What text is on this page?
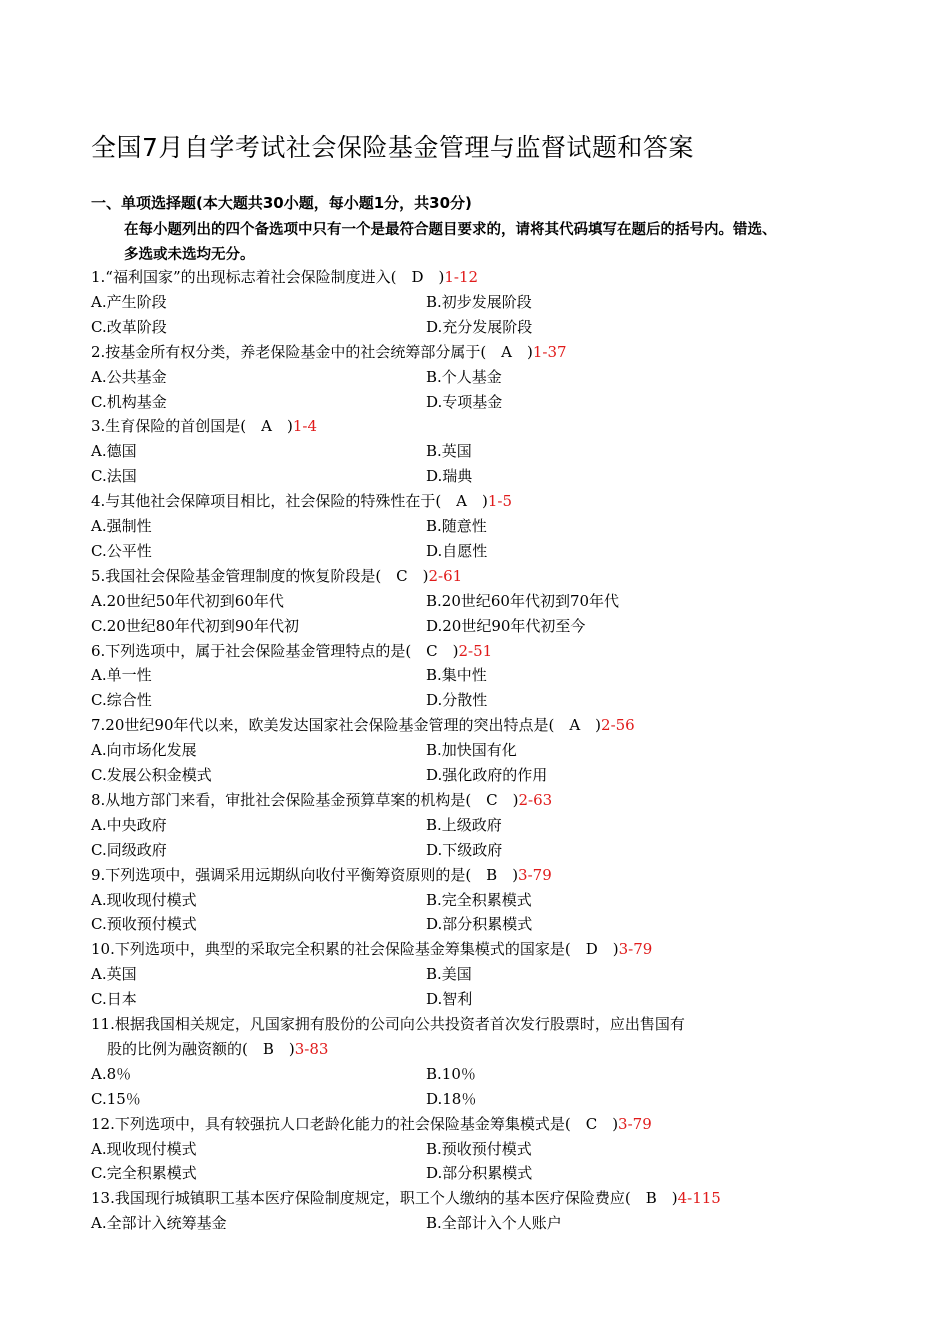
全国7月自学考试社会保险基金管理与监督试题和答案
一、单项选择题(本大题共30小题，每小题1分，共30分)
在每小题列出的四个备选项中只有一个是最符合题目要求的，请将其代码填写在题后的括号内。错选、
多选或未选均无分。
1.“福利国家”的出现标志着社会保险制度进入(　D　)1-12
A.产生阶段	B.初步发展阶段
C.改革阶段	D.充分发展阶段
2.按基金所有权分类，养老保险基金中的社会统筹部分属于(　A　)1-37
A.公共基金	B.个人基金
C.机构基金	D.专项基金
3.生育保险的首创国是(　A　)1-4
A.德国	B.英国
C.法国	D.瑞典
4.与其他社会保障项目相比，社会保险的特殊性在于(　A　)1-5
A.强制性	B.随意性
C.公平性	D.自愿性
5.我国社会保险基金管理制度的恢复阶段是(　C　)2-61
A.20世纪50年代初到60年代	B.20世纪60年代初到70年代
C.20世纪80年代初到90年代初	D.20世纪90年代初至今
6.下列选项中，属于社会保险基金管理特点的是(　C　)2-51
A.单一性	B.集中性
C.综合性	D.分散性
7.20世纪90年代以来，欧美发达国家社会保险基金管理的突出特点是(　A　)2-56
A.向市场化发展	B.加快国有化
C.发展公积金模式	D.强化政府的作用
8.从地方部门来看，审批社会保险基金预算草案的机构是(　C　)2-63
A.中央政府	B.上级政府
C.同级政府	D.下级政府
9.下列选项中，强调采用远期纵向收付平衡筹资原则的是(　B　)3-79
A.现收现付模式	B.完全积累模式
C.预收预付模式	D.部分积累模式
10.下列选项中，典型的采取完全积累的社会保险基金筹集模式的国家是(　D　)3-79
A.英国	B.美国
C.日本	D.智利
11.根据我国相关规定，凡国家拥有股份的公司向公共投资者首次发行股票时，应出售国有
股的比例为融资额的(　B　)3-83
A.8％	B.10％
C.15％	D.18％
12.下列选项中，具有较强抗人口老龄化能力的社会保险基金筹集模式是(　C　)3-79
A.现收现付模式	B.预收预付模式
C.完全积累模式	D.部分积累模式
13.我国现行城镇职工基本医疗保险制度规定，职工个人缴纳的基本医疗保险费应(　B　)4-115
A.全部计入统筹基金	B.全部计入个人账户
